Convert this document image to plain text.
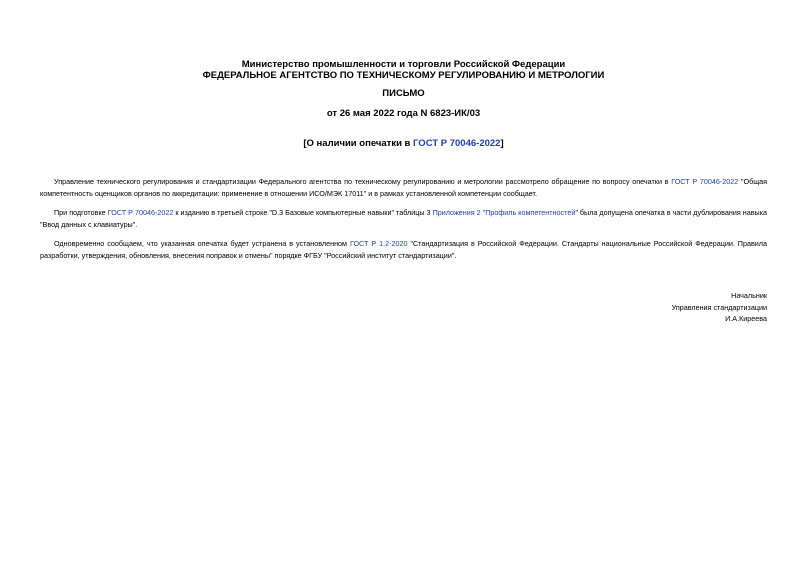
Министерство промышленности и торговли Российской Федерации
ФЕДЕРАЛЬНОЕ АГЕНТСТВО ПО ТЕХНИЧЕСКОМУ РЕГУЛИРОВАНИЮ И МЕТРОЛОГИИ
ПИСЬМО
от 26 мая 2022 года N 6823-ИК/03
[О наличии опечатки в ГОСТ Р 70046-2022]
Управление технического регулирования и стандартизации Федерального агентства по техническому регулированию и метрологии рассмотрело обращение по вопросу опечатки в ГОСТ Р 70046-2022 "Общая компетентность оценщиков органов по аккредитации: применение в отношении ИСО/МЭК 17011" и в рамках установленной компетенции сообщает.
При подготовке ГОСТ Р 70046-2022 к изданию в третьей строке "D.3 Базовые компьютерные навыки" таблицы 3 Приложения 2 "Профиль компетентностей" была допущена опечатка в части дублирования навыка "Ввод данных с клавиатуры".
Одновременно сообщаем, что указанная опечатка будет устранена в установленном ГОСТ Р 1.2-2020 "Стандартизация в Российской Федерации. Стандарты национальные Российской Федерации. Правила разработки, утверждения, обновления, внесения поправок и отмены" порядке ФГБУ "Российский институт стандартизации".
Начальник
Управления стандартизации
И.А.Киреева
